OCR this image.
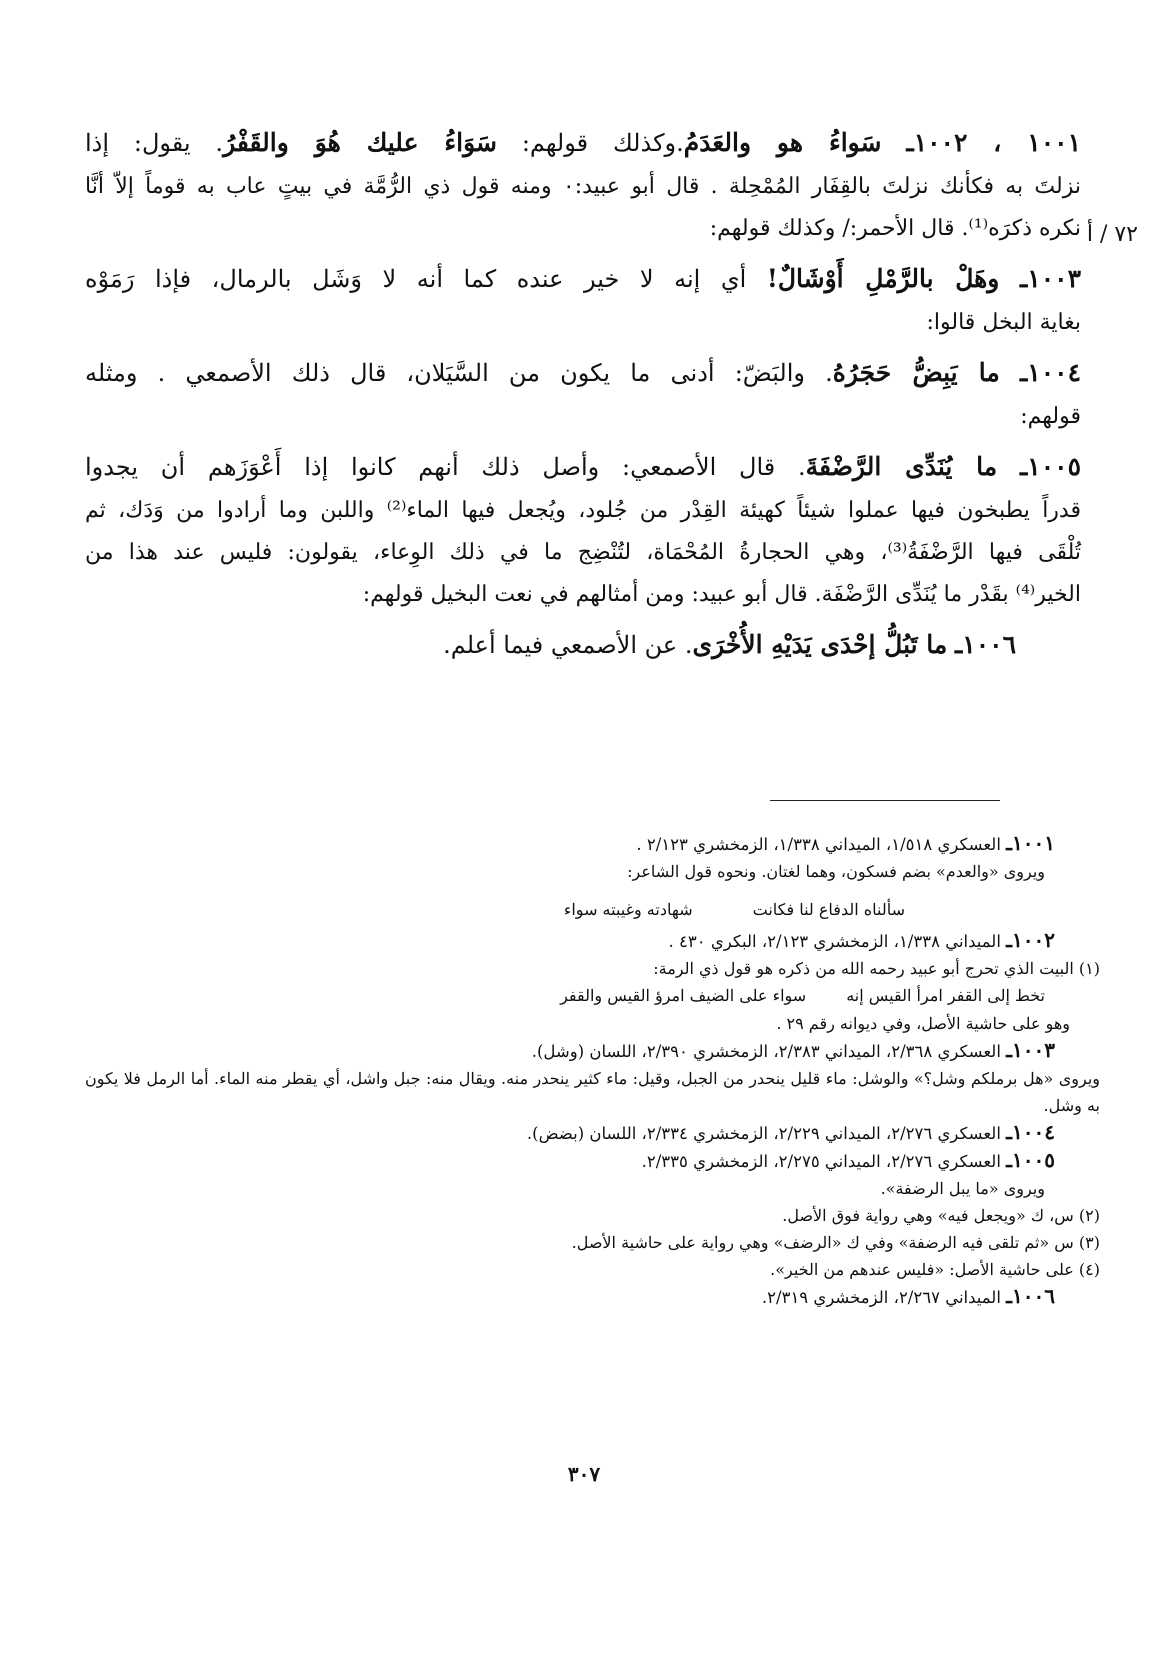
١٠٠١ ، ١٠٠٢ـ سَواءُ هو والعَدَمُ.وكذلك قولهم: سَوَاءُ عليك هُوَ والقَفْرُ. يقول: إذا
نزلتَ به فكأنك نزلتَ بالقِفَار المُمْحِلة . قال أبو عبيد:٠ ومنه قول ذي الرُّمَّة في بيتٍ عاب به قوماً إلاّ أنَّا
نكره ذكرَه⁽¹⁾. قال الأحمر:/ وكذلك قولهم:
١٠٠٣ـ وهَلْ بالرَّمْلِ أَوْشَالٌ! أي إنه لا خير عنده كما أنه لا وَشَل بالرمال، فإذا رَمَوْه
بغاية البخل قالوا:
١٠٠٤ـ ما يَبِضُّ حَجَرُهُ. والبَضّ: أدنى ما يكون من السَّيَلان، قال ذلك الأصمعي . ومثله
قولهم:
١٠٠٥ـ ما يُنَدِّى الرَّضْفَةَ. قال الأصمعي: وأصل ذلك أنهم كانوا إذا أَعْوَزَهم أن يجدوا
قدراً يطبخون فيها عملوا شيئاً كهيئة القِدْر من جُلود، ويُجعل فيها الماء⁽²⁾ واللبن وما أرادوا من وَدَك، ثم
تُلْقَى فيها الرَّضْفَةُ⁽³⁾، وهي الحجارةُ المُحْمَاة، لتُنْضِج ما في ذلك الوِعاء، يقولون: فليس عند هذا من
الخير⁽⁴⁾ بقَدْر ما يُنَدِّى الرَّضْفَة. قال أبو عبيد: ومن أمثالهم في نعت البخيل قولهم:
١٠٠٦ـ ما تَبُلُّ إحْدَى يَدَيْهِ الأُخْرَى. عن الأصمعي فيما أعلم.
٧٢ / أ
١٠٠١ـ العسكري ١/٥١٨، الميداني ١/٣٣٨، الزمخشري ٢/١٢٣ .
ويروى «والعدم» بضم فسكون، وهما لغتان. ونحوه قول الشاعر:
سألناه الدفاع لنا فكانت
شهادته وغيبته سواء
١٠٠٢ـ الميداني ١/٣٣٨، الزمخشري ٢/١٢٣، البكري ٤٣٠ .
(١) البيت الذي تحرج أبو عبيد رحمه الله من ذكره هو قول ذي الرمة:
تخط إلى القفر امرأ القيس إنه
سواء على الضيف امرؤ القيس والقفر
وهو على حاشية الأصل، وفي ديوانه رقم ٢٩ .
١٠٠٣ـ العسكري ٢/٣٦٨، الميداني ٢/٣٨٣، الزمخشري ٢/٣٩٠، اللسان (وشل).
ويروى «هل برملكم وشل؟» والوشل: ماء قليل ينحدر من الجبل، وقيل: ماء كثير ينحدر منه. ويقال منه: جبل واشل، أي يقطر منه الماء. أما الرمل فلا يكون به وشل.
١٠٠٤ـ العسكري ٢/٢٧٦، الميداني ٢/٢٢٩، الزمخشري ٢/٣٣٤، اللسان (بضض).
١٠٠٥ـ العسكري ٢/٢٧٦، الميداني ٢/٢٧٥، الزمخشري ٢/٣٣٥.
ويروى «ما يبل الرضفة».
(٢) س، ك «ويجعل فيه» وهي رواية فوق الأصل.
(٣) س «ثم تلقى فيه الرضفة» وفي ك «الرضف» وهي رواية على حاشية الأصل.
(٤) على حاشية الأصل: «فليس عندهم من الخير».
١٠٠٦ـ الميداني ٢/٢٦٧، الزمخشري ٢/٣١٩.
٣٠٧
